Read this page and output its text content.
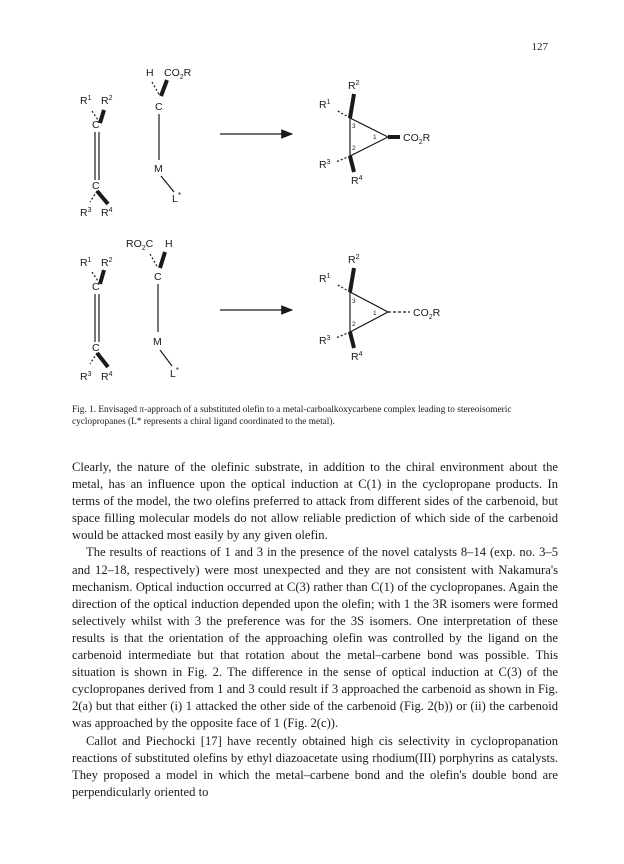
127
$R^1$ $R^2$
C
C
$R^3$ $R^4$
H $CO_2R$
C
M
L*
$R^2$
$R^1$
3
2
1	$CO_2R$
$R^3$
$R^4$
$R^1$ $R^2$
C
C
$R^3$ $R^4$
$RO_2C$ H
C
M
L*
$R^2$
$R^1$
3
2
1	$CO_2R$
$R^3$
$R^4$
Fig. 1. Envisaged π-approach of a substituted olefin to a metal-carboalkoxycarbene complex leading to stereoisomeric cyclopropanes (L* represents a chiral ligand coordinated to the metal).

Clearly, the nature of the olefinic substrate, in addition to the chiral environment about the metal, has an influence upon the optical induction at C(1) in the cyclopropane products. In terms of the model, the two olefins preferred to attack from different sides of the carbenoid, but space filling molecular models do not allow reliable prediction of which side of the carbenoid would be attacked most easily by any given olefin.

The results of reactions of 1 and 3 in the presence of the novel catalysts 8–14 (exp. no. 3–5 and 12–18, respectively) were most unexpected and they are not consistent with Nakamura's mechanism. Optical induction occurred at C(3) rather than C(1) of the cyclopropanes. Again the direction of the optical induction depended upon the olefin; with 1 the 3R isomers were formed selectively whilst with 3 the preference was for the 3S isomers. One interpretation of these results is that the orientation of the approaching olefin was controlled by the ligand on the carbenoid intermediate but that rotation about the metal–carbene bond was possible. This situation is shown in Fig. 2. The difference in the sense of optical induction at C(3) of the cyclopropanes derived from 1 and 3 could result if 3 approached the carbenoid as shown in Fig. 2(a) but that either (i) 1 attacked the other side of the carbenoid (Fig. 2(b)) or (ii) the carbenoid was approached by the opposite face of 1 (Fig. 2(c)).

Callot and Piechocki [17] have recently obtained high cis selectivity in cyclopropanation reactions of substituted olefins by ethyl diazoacetate using rhodium(III) porphyrins as catalysts. They proposed a model in which the metal–carbene bond and the olefin's double bond are perpendicularly oriented to
